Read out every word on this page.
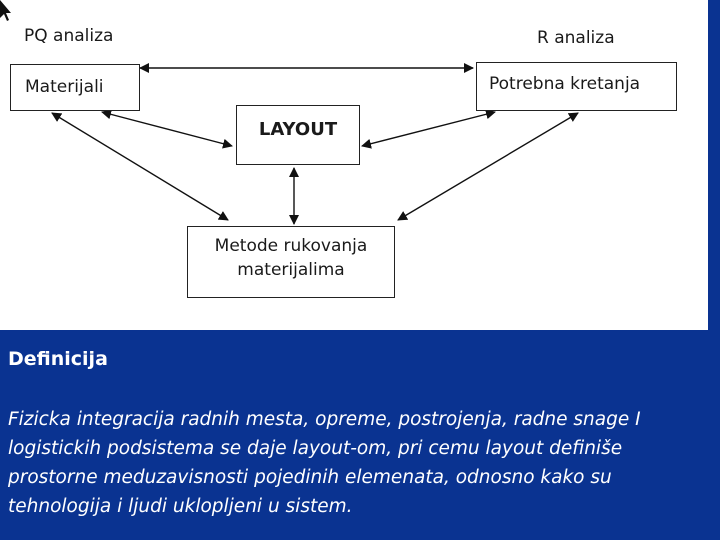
PQ analiza	R analiza
Materijali	Potrebna kretanja
LAYOUT
Metode rukovanja
materijalima
Definicija

Fizicka integracija radnih mesta, opreme, postrojenja, radne snage I logistickih podsistema se daje layout-om, pri cemu layout definiše prostorne meduzavisnosti pojedinih elemenata, odnosno kako su tehnologija i ljudi uklopljeni u sistem.
